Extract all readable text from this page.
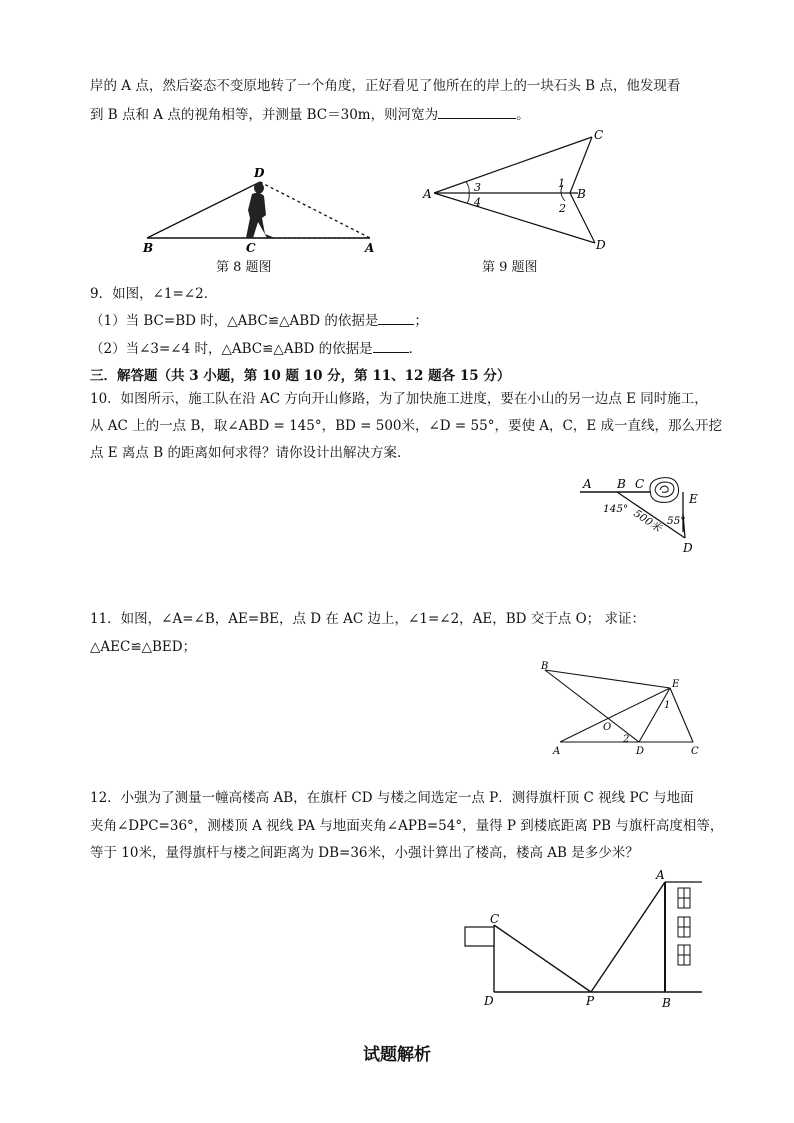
岸的 A 点，然后姿态不变原地转了一个角度，正好看见了他所在的岸上的一块石头 B 点，他发现看
到 B 点和 A 点的视角相等，并测量 BC＝30m，则河宽为	。
D
B	C	A
第 8 题图
A	B
C
D
1
2
3
4
第 9 题图
9．如图，∠1=∠2．
（1）当 BC=BD 时，△ABC≌△ABD 的依据是	；
（2）当∠3=∠4 时，△ABC≌△ABD 的依据是	．
三．解答题（共 3 小题，第 10 题 10 分，第 11、12 题各 15 分）
10．如图所示，施工队在沿 AC 方向开山修路，为了加快施工进度，要在小山的另一边点 E 同时施工，
从 AC 上的一点 B，取∠ABD = 145°，BD = 500米，∠D = 55°，要使 A，C，E 成一直线，那么开挖
点 E 离点 B 的距离如何求得？请你设计出解决方案．
A B C
E
D
145°
55°
500米
11．如图，∠A=∠B，AE=BE，点 D 在 AC 边上，∠1=∠2，AE，BD 交于点 O； 求证：
△AEC≌△BED；
B
E
1
O
2
A	D	C
12．小强为了测量一幢高楼高 AB，在旗杆 CD 与楼之间选定一点 P．测得旗杆顶 C 视线 PC 与地面
夹角∠DPC=36°，测楼顶 A 视线 PA 与地面夹角∠APB=54°，量得 P 到楼底距离 PB 与旗杆高度相等，
等于 10米，量得旗杆与楼之间距离为 DB=36米，小强计算出了楼高，楼高 AB 是多少米？
A
C
D	P	B
试题解析
